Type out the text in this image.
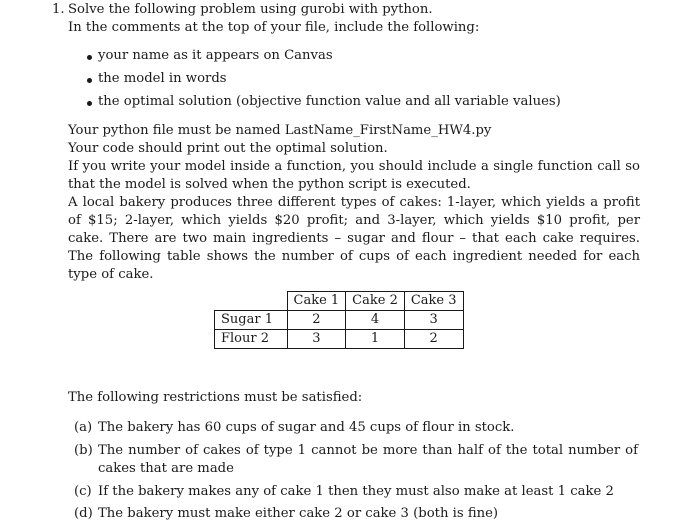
1. Solve the following problem using gurobi with python.
In the comments at the top of your file, include the following:
your name as it appears on Canvas
the model in words
the optimal solution (objective function value and all variable values)
Your python file must be named LastName_FirstName_HW4.py
Your code should print out the optimal solution.
If you write your model inside a function, you should include a single function call so that the model is solved when the python script is executed.
A local bakery produces three different types of cakes: 1-layer, which yields a profit of $15; 2-layer, which yields $20 profit; and 3-layer, which yields $10 profit, per cake. There are two main ingredients – sugar and flour – that each cake requires. The following table shows the number of cups of each ingredient needed for each type of cake.
	Cake 1	Cake 2	Cake 3
Sugar 1	2	4	3
Flour 2	3	1	2
The following restrictions must be satisfied:
(a) The bakery has 60 cups of sugar and 45 cups of flour in stock.
(b) The number of cakes of type 1 cannot be more than half of the total number of cakes that are made
(c) If the bakery makes any of cake 1 then they must also make at least 1 cake 2
(d) The bakery must make either cake 2 or cake 3 (both is fine)
